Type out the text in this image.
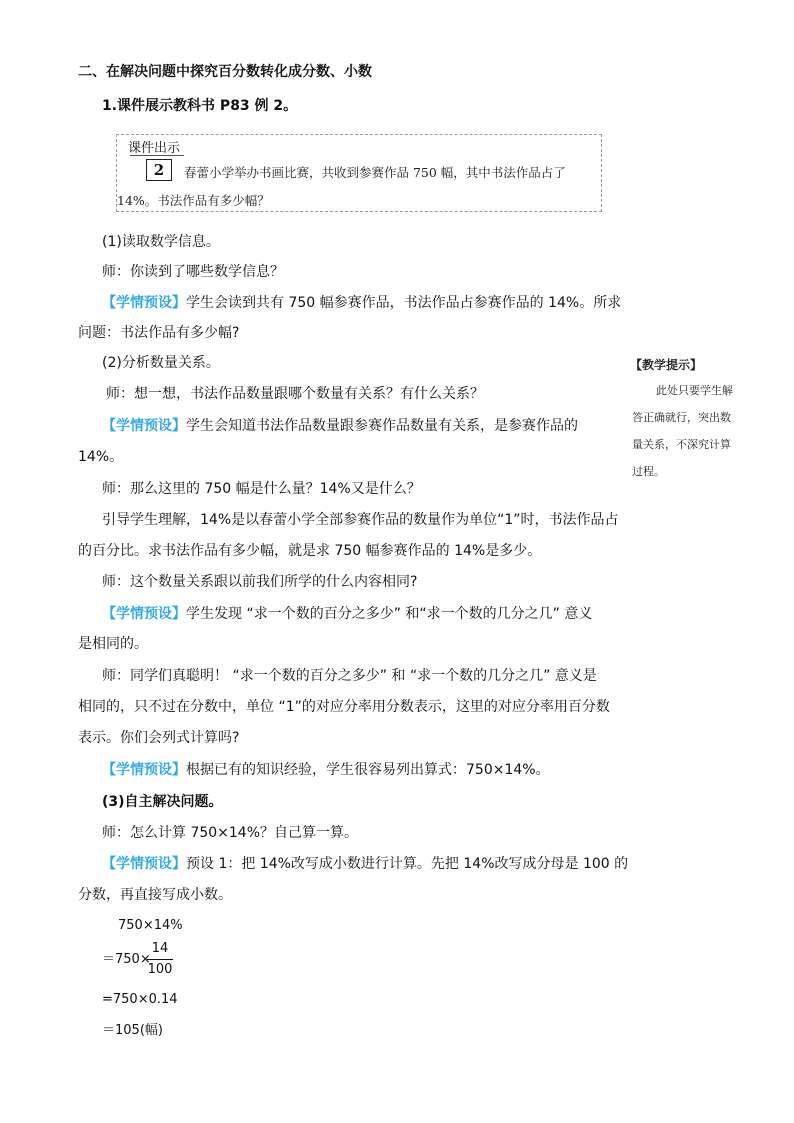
二、在解决问题中探究百分数转化成分数、小数
1.课件展示教科书 P83 例 2。
课件出示
2	春蕾小学举办书画比赛，共收到参赛作品 750 幅，其中书法作品占了
14%。书法作品有多少幅？
(1)读取数学信息。
师：你读到了哪些数学信息？
【学情预设】学生会读到共有 750 幅参赛作品，书法作品占参赛作品的 14%。所求
问题：书法作品有多少幅?
(2)分析数量关系。
师：想一想，书法作品数量跟哪个数量有关系？有什么关系？
【学情预设】学生会知道书法作品数量跟参赛作品数量有关系，是参赛作品的
14%。
师：那么这里的 750 幅是什么量？14%又是什么？
引导学生理解，14%是以春蕾小学全部参赛作品的数量作为单位“1”时，书法作品占
的百分比。求书法作品有多少幅，就是求 750 幅参赛作品的 14%是多少。
师：这个数量关系跟以前我们所学的什么内容相同?
【学情预设】学生发现 “求一个数的百分之多少” 和“求一个数的几分之几” 意义
是相同的。
师：同学们真聪明！ “求一个数的百分之多少” 和 “求一个数的几分之几” 意义是
相同的，只不过在分数中，单位 “1”的对应分率用分数表示，这里的对应分率用百分数
表示。你们会列式计算吗?
【学情预设】根据已有的知识经验，学生很容易列出算式：750×14%。
(3)自主解决问题。
师：怎么计算 750×14%？自己算一算。
【学情预设】预设 1：把 14%改写成小数进行计算。先把 14%改写成分母是 100 的
分数，再直接写成小数。
750×14%
＝750×
14
100
=750×0.14
＝105(幅)
【教学提示】
此处只要学生解
答正确就行，突出数
量关系，不深究计算
过程。
